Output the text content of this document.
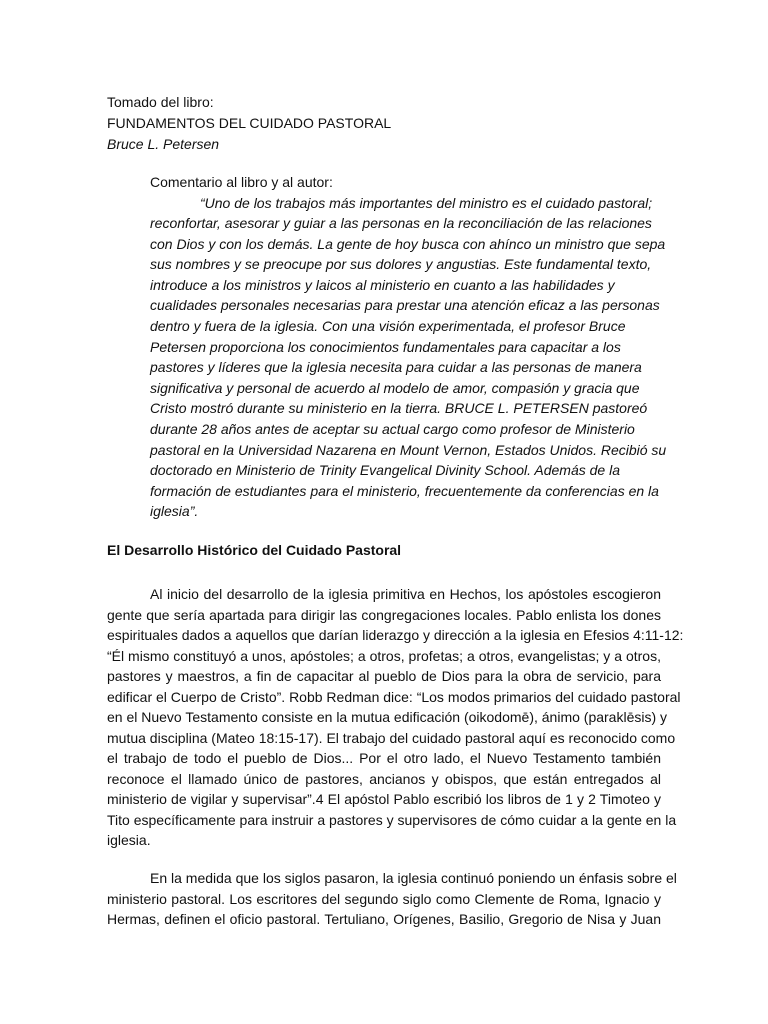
Tomado del libro:
FUNDAMENTOS DEL CUIDADO PASTORAL
Bruce L. Petersen
Comentario al libro y al autor:
“Uno de los trabajos más importantes del ministro es el cuidado pastoral;
reconfortar, asesorar y guiar a las personas en la reconciliación de las relaciones
con Dios y con los demás. La gente de hoy busca con ahínco un ministro que sepa
sus nombres y se preocupe por sus dolores y angustias. Este fundamental texto,
introduce a los ministros y laicos al ministerio en cuanto a las habilidades y
cualidades personales necesarias para prestar una atención eficaz a las personas
dentro y fuera de la iglesia. Con una visión experimentada, el profesor Bruce
Petersen proporciona los conocimientos fundamentales para capacitar a los
pastores y líderes que la iglesia necesita para cuidar a las personas de manera
significativa y personal de acuerdo al modelo de amor, compasión y gracia que
Cristo mostró durante su ministerio en la tierra. BRUCE L. PETERSEN pastoreó
durante 28 años antes de aceptar su actual cargo como profesor de Ministerio
pastoral en la Universidad Nazarena en Mount Vernon, Estados Unidos. Recibió su
doctorado en Ministerio de Trinity Evangelical Divinity School. Además de la
formación de estudiantes para el ministerio, frecuentemente da conferencias en la
iglesia”.
El Desarrollo Histórico del Cuidado Pastoral
Al inicio del desarrollo de la iglesia primitiva en Hechos, los apóstoles escogieron
gente que sería apartada para dirigir las congregaciones locales. Pablo enlista los dones
espirituales dados a aquellos que darían liderazgo y dirección a la iglesia en Efesios 4:11-12:
“Él mismo constituyó a unos, apóstoles; a otros, profetas; a otros, evangelistas; y a otros,
pastores y maestros, a fin de capacitar al pueblo de Dios para la obra de servicio, para
edificar el Cuerpo de Cristo”. Robb Redman dice: “Los modos primarios del cuidado pastoral
en el Nuevo Testamento consiste en la mutua edificación (oikodomē), ánimo (paraklēsis) y
mutua disciplina (Mateo 18:15-17). El trabajo del cuidado pastoral aquí es reconocido como
el trabajo de todo el pueblo de Dios... Por el otro lado, el Nuevo Testamento también
reconoce el llamado único de pastores, ancianos y obispos, que están entregados al
ministerio de vigilar y supervisar”.4 El apóstol Pablo escribió los libros de 1 y 2 Timoteo y
Tito específicamente para instruir a pastores y supervisores de cómo cuidar a la gente en la
iglesia.
En la medida que los siglos pasaron, la iglesia continuó poniendo un énfasis sobre el
ministerio pastoral. Los escritores del segundo siglo como Clemente de Roma, Ignacio y
Hermas, definen el oficio pastoral. Tertuliano, Orígenes, Basilio, Gregorio de Nisa y Juan
